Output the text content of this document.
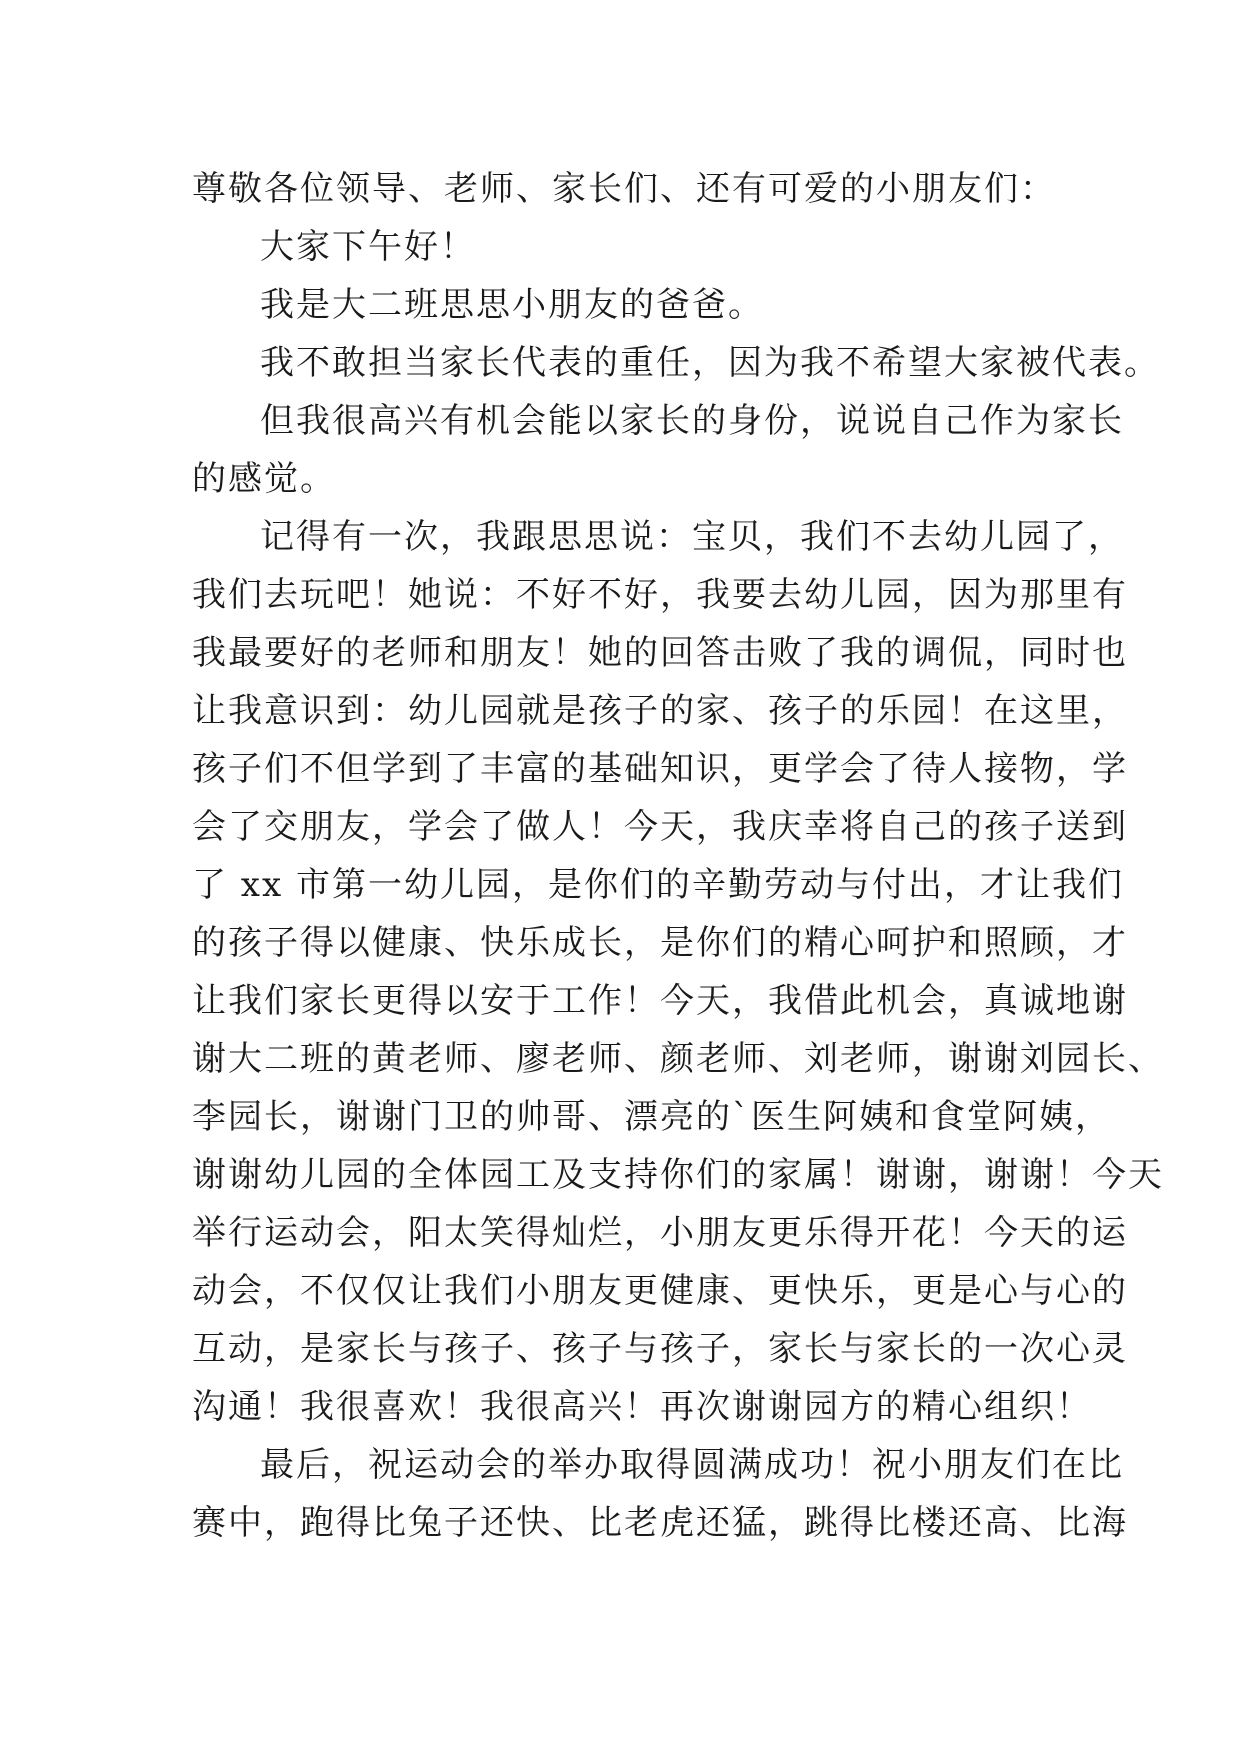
尊敬各位领导、老师、家长们、还有可爱的小朋友们：
大家下午好！
我是大二班思思小朋友的爸爸。
我不敢担当家长代表的重任，因为我不希望大家被代表。
但我很高兴有机会能以家长的身份，说说自己作为家长
的感觉。
记得有一次，我跟思思说：宝贝，我们不去幼儿园了，
我们去玩吧！她说：不好不好，我要去幼儿园，因为那里有
我最要好的老师和朋友！她的回答击败了我的调侃，同时也
让我意识到：幼儿园就是孩子的家、孩子的乐园！在这里，
孩子们不但学到了丰富的基础知识，更学会了待人接物，学
会了交朋友，学会了做人！今天，我庆幸将自己的孩子送到
了 xx 市第一幼儿园，是你们的辛勤劳动与付出，才让我们
的孩子得以健康、快乐成长，是你们的精心呵护和照顾，才
让我们家长更得以安于工作！今天，我借此机会，真诚地谢
谢大二班的黄老师、廖老师、颜老师、刘老师，谢谢刘园长、
李园长，谢谢门卫的帅哥、漂亮的`医生阿姨和食堂阿姨，
谢谢幼儿园的全体园工及支持你们的家属！谢谢，谢谢！今天
举行运动会，阳太笑得灿烂，小朋友更乐得开花！今天的运
动会，不仅仅让我们小朋友更健康、更快乐，更是心与心的
互动，是家长与孩子、孩子与孩子，家长与家长的一次心灵
沟通！我很喜欢！我很高兴！再次谢谢园方的精心组织！
最后，祝运动会的举办取得圆满成功！祝小朋友们在比
赛中，跑得比兔子还快、比老虎还猛，跳得比楼还高、比海
